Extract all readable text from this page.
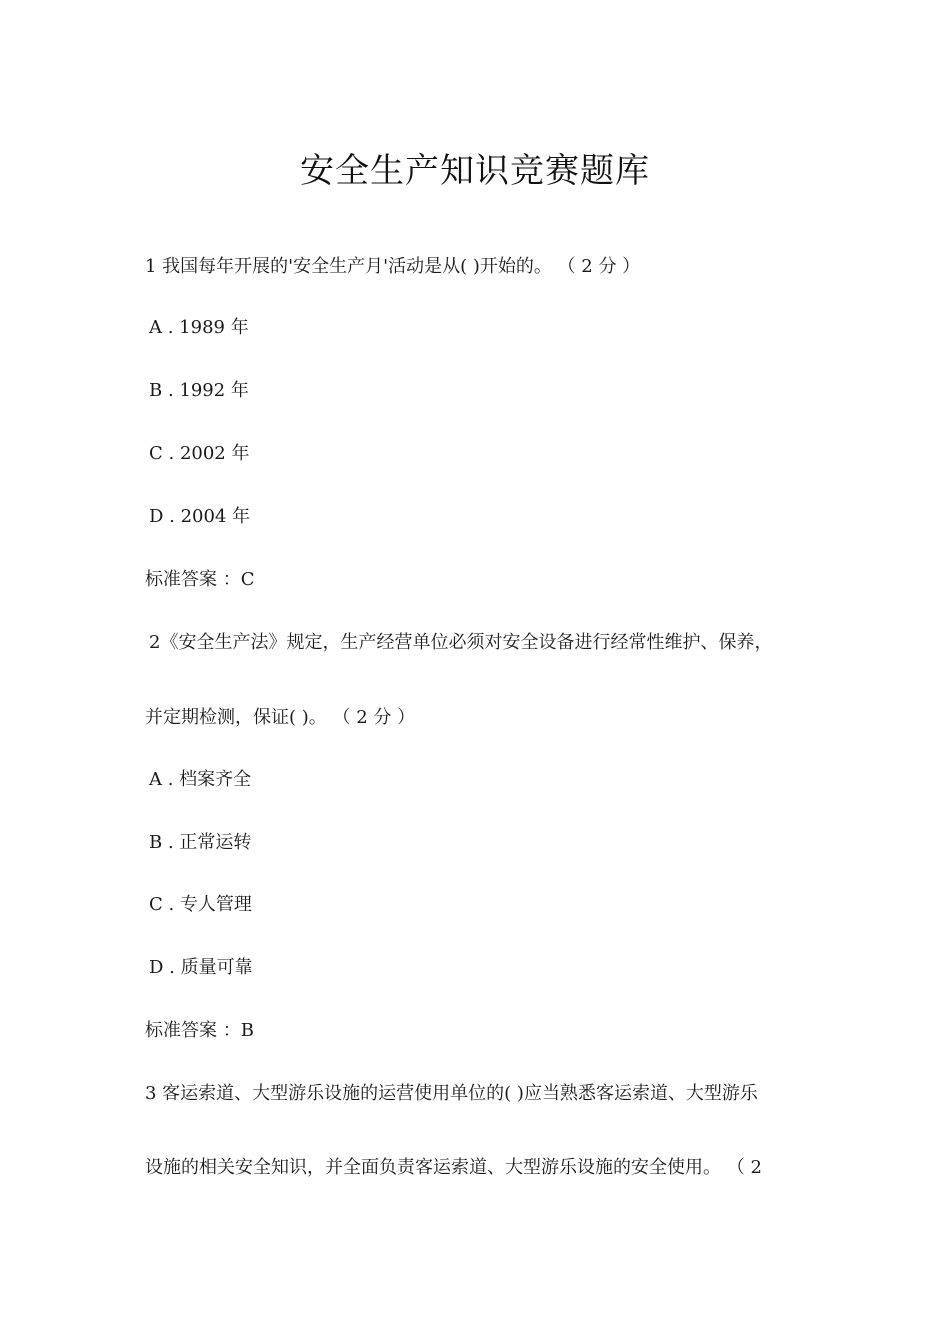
安全生产知识竞赛题库
1 我国每年开展的'安全生产月'活动是从( )开始的。 （ 2 分 ）
A . 1989 年
B . 1992 年
C . 2002 年
D . 2004 年
标准答案 ：C
2《安全生产法》规定，生产经营单位必须对安全设备进行经常性维护、保养，
并定期检测，保证( )。 （ 2 分 ）
A . 档案齐全
B . 正常运转
C . 专人管理
D . 质量可靠
标准答案 ：B
3 客运索道、大型游乐设施的运营使用单位的( )应当熟悉客运索道、大型游乐
设施的相关安全知识，并全面负责客运索道、大型游乐设施的安全使用。 （ 2
